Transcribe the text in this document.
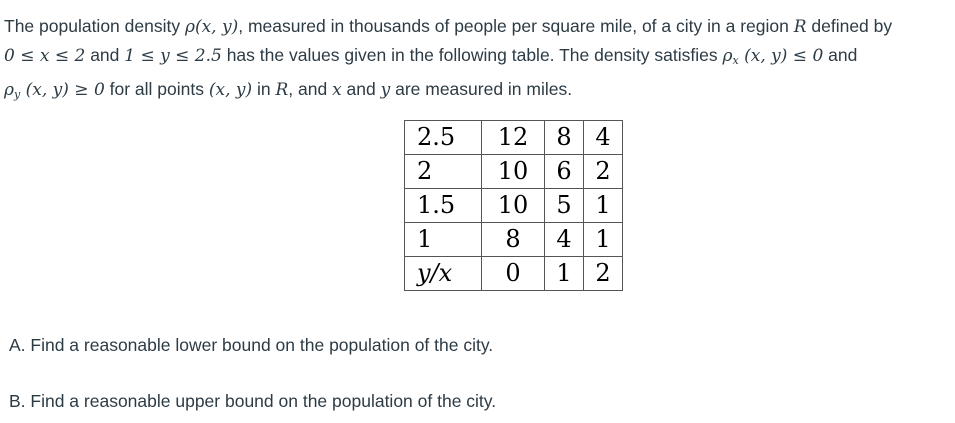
The population density ρ(x, y), measured in thousands of people per square mile, of a city in a region R defined by
0 ≤ x ≤ 2 and 1 ≤ y ≤ 2.5 has the values given in the following table. The density satisfies $\rho_x$ (x, y) ≤ 0 and
$\rho_y$ (x, y) ≥ 0 for all points (x, y) in R, and x and y are measured in miles.

2.5	12	8	4
2	10	6	2
1.5	10	5	1
1	8	4	1
y/x	0	1	2

A. Find a reasonable lower bound on the population of the city.

B. Find a reasonable upper bound on the population of the city.
